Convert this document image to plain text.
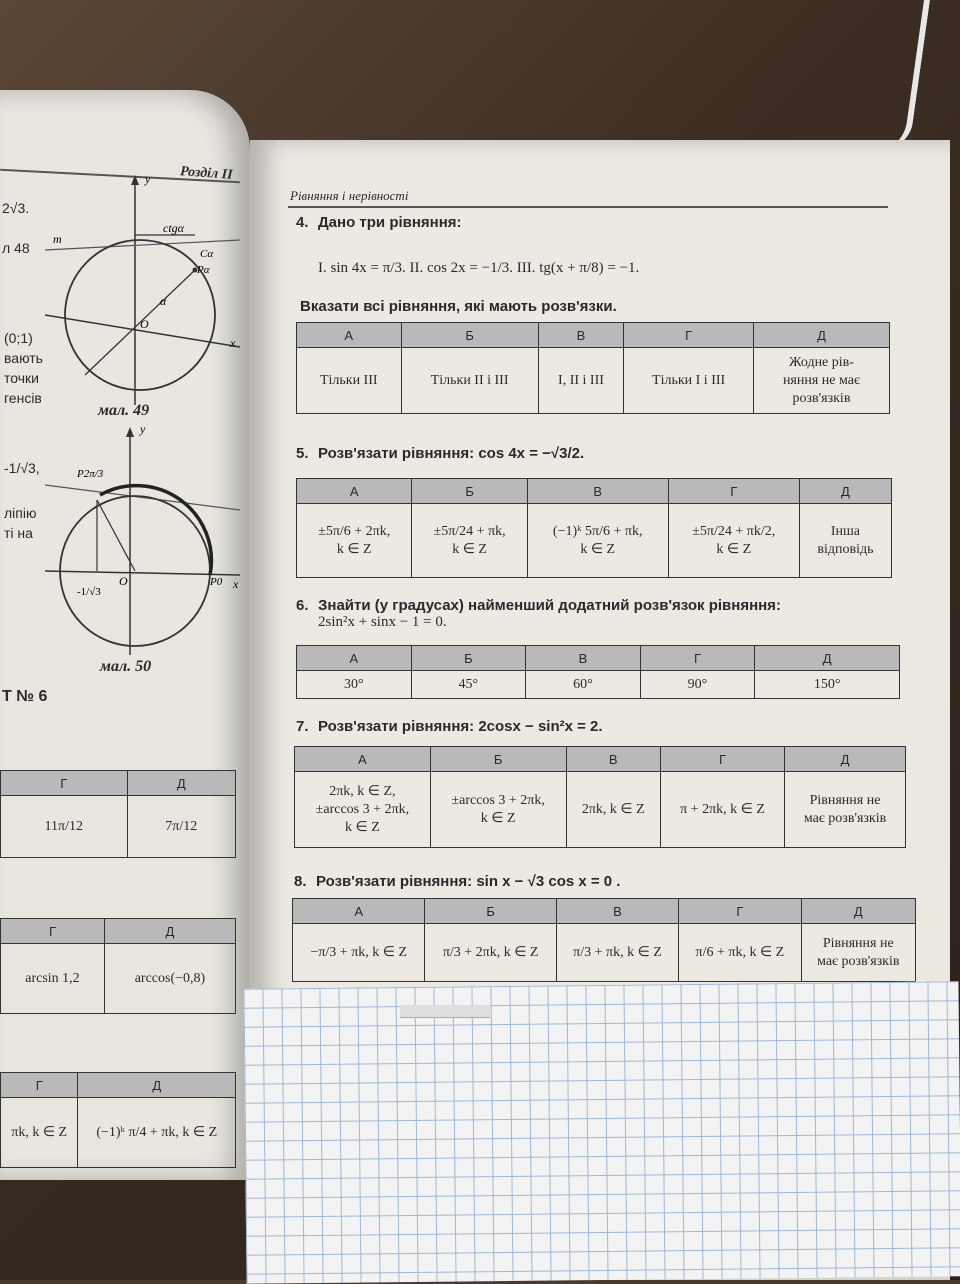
Розділ II
2√3.
л 48
(0;1)
вають
точки
генсів
-1/√3,
ліпію
ті на
y
x
O
α
m
ctgα
Pα
Cα
мал. 49
y
x
O
P2π/3
P0
-1/√3
мал. 50
Т № 6
Г	Д
11π/12	7π/12
Г	Д
arcsin 1,2	arccos(−0,8)
Г	Д
πk, k ∈ Z	(−1)ᵏ π/4 + πk, k ∈ Z
Рівняння і нерівності
4. Дано три рівняння:
I. sin 4x = π/3. II. cos 2x = −1/3. III. tg(x + π/8) = −1.
Вказати всі рівняння, які мають розв'язки.
А	Б	В	Г	Д
Тільки III	Тільки II і III	I, II і III	Тільки I і III	Жодне рів-
няння не має
розв'язків
5. Розв'язати рівняння: cos 4x = −√3/2.
А	Б	В	Г	Д
±5π/6 + 2πk,
k ∈ Z	±5π/24 + πk,
k ∈ Z	(−1)ᵏ 5π/6 + πk,
k ∈ Z	±5π/24 + πk/2,
k ∈ Z	Інша
відповідь
6. Знайти (у градусах) найменший додатний розв'язок рівняння:
2sin²x + sinx − 1 = 0.
А	Б	В	Г	Д
30°	45°	60°	90°	150°
7. Розв'язати рівняння: 2cosx − sin²x = 2.
А	Б	В	Г	Д
2πk, k ∈ Z,
±arccos 3 + 2πk,
k ∈ Z	±arccos 3 + 2πk,
k ∈ Z	2πk, k ∈ Z	π + 2πk, k ∈ Z	Рівняння не
має розв'язків
8. Розв'язати рівняння: sin x − √3 cos x = 0 .
А	Б	В	Г	Д
−π/3 + πk, k ∈ Z	π/3 + 2πk, k ∈ Z	π/3 + πk, k ∈ Z	π/6 + πk, k ∈ Z	Рівняння не
має розв'язків
